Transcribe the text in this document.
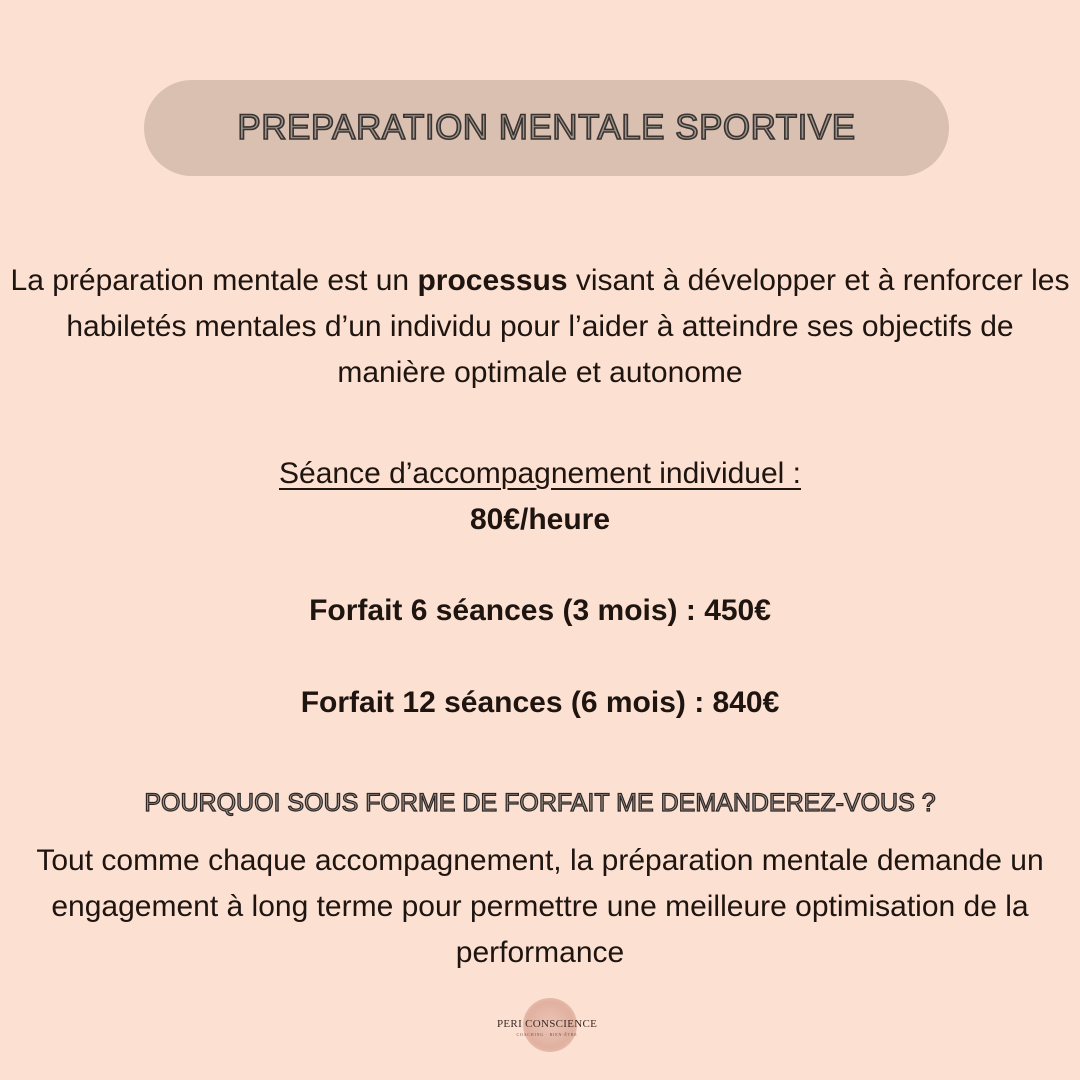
PREPARATION MENTALE SPORTIVE
La préparation mentale est un processus visant à développer et à renforcer les habiletés mentales d’un individu pour l’aider à atteindre ses objectifs de manière optimale et autonome
Séance d’accompagnement individuel :
80€/heure
Forfait 6 séances (3 mois) : 450€
Forfait 12 séances (6 mois) : 840€
POURQUOI SOUS FORME DE FORFAIT ME DEMANDEREZ-VOUS ?
Tout comme chaque accompagnement, la préparation mentale demande un engagement à long terme pour permettre une meilleure optimisation de la performance
PERI CONSCIENCE
COACHING · BIEN-ÊTRE
